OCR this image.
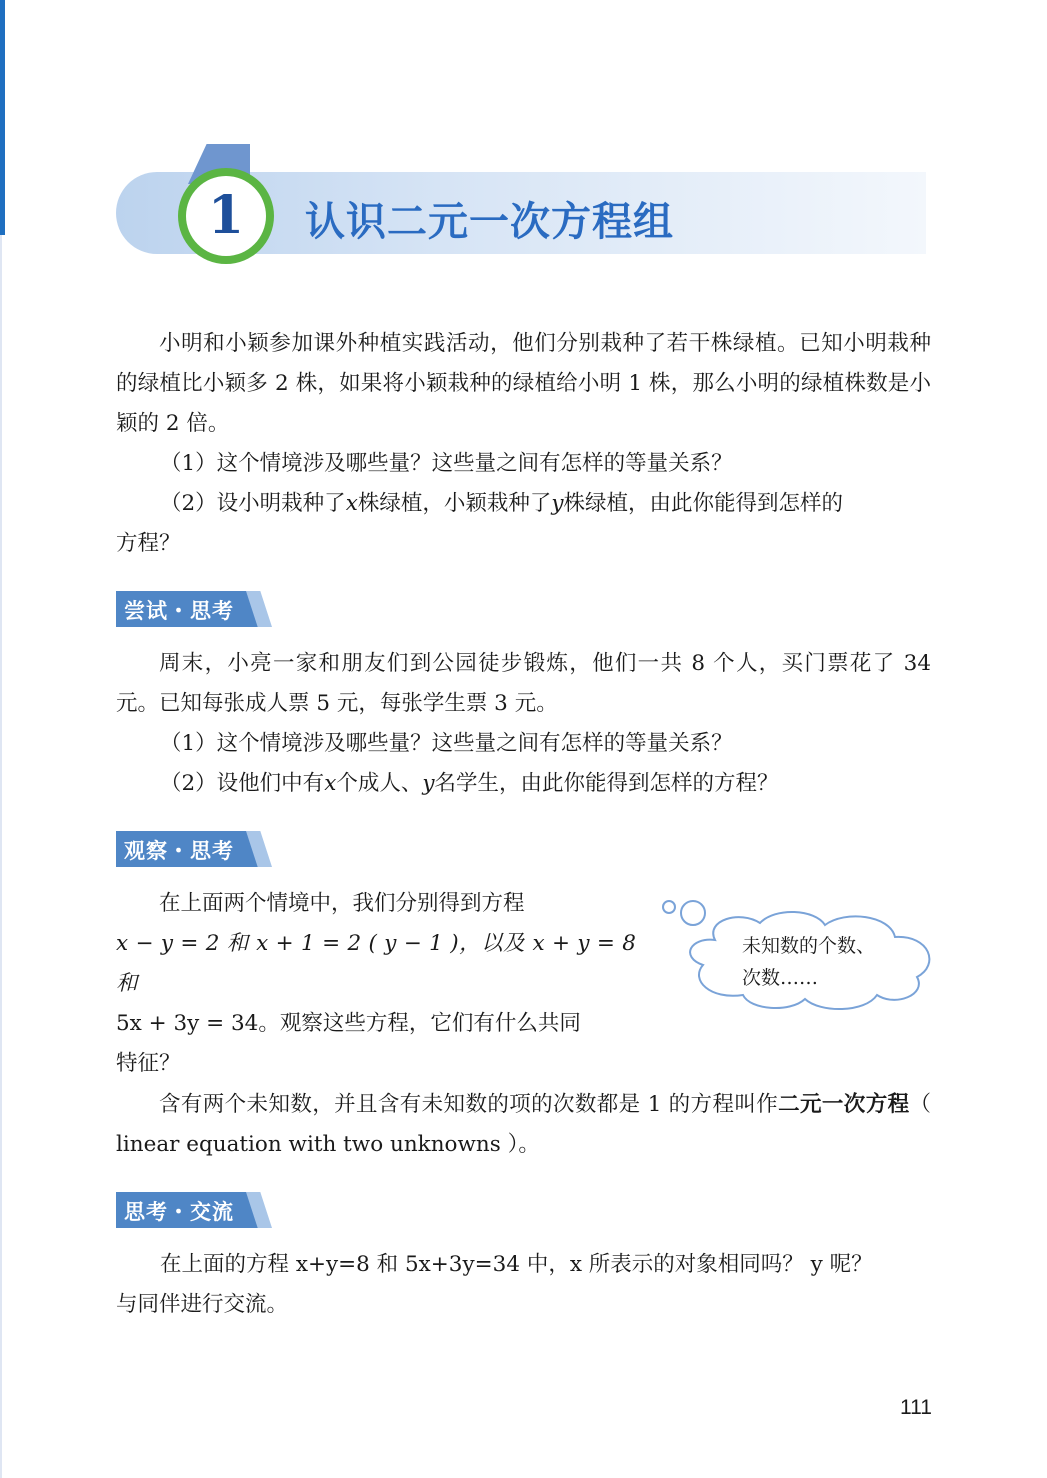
1	认识二元一次方程组

小明和小颖参加课外种植实践活动，他们分别栽种了若干株绿植。已知小明栽种的绿植比小颖多 2 株，如果将小颖栽种的绿植给小明 1 株，那么小明的绿植株数是小颖的 2 倍。

（1）这个情境涉及哪些量？这些量之间有怎样的等量关系？

（2）设小明栽种了x株绿植，小颖栽种了y株绿植，由此你能得到怎样的

方程？

尝试・思考

周末，小亮一家和朋友们到公园徒步锻炼，他们一共 8 个人，买门票花了 34 元。已知每张成人票 5 元，每张学生票 3 元。

（1）这个情境涉及哪些量？这些量之间有怎样的等量关系？

（2）设他们中有x个成人、y名学生，由此你能得到怎样的方程？

观察・思考
在上面两个情境中，我们分别得到方程
x − y = 2 和 x + 1 = 2 ( y − 1 )，以及 x + y = 8 和
5x + 3y = 34。观察这些方程，它们有什么共同
特征？
未知数的个数、
次数……

含有两个未知数，并且含有未知数的项的次数都是 1 的方程叫作二元一次方程（ linear equation with two unknowns ）。

思考・交流

在上面的方程 x+y=8 和 5x+3y=34 中，x 所表示的对象相同吗？ y 呢？

与同伴进行交流。

111
